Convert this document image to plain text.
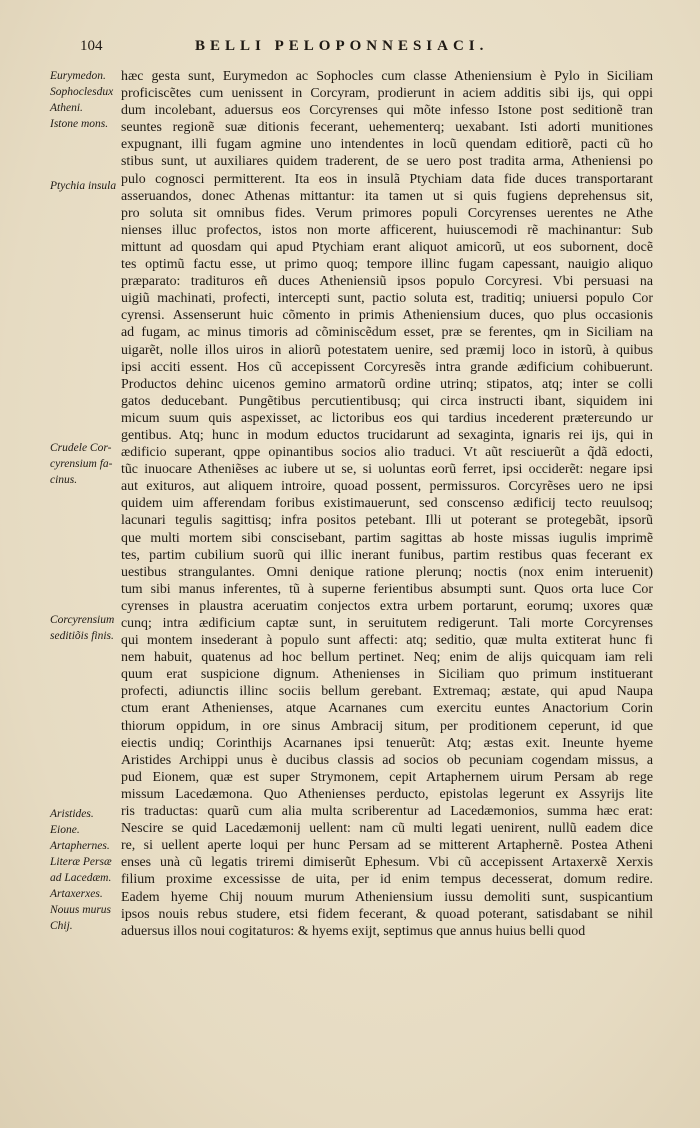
104	BELLI PELOPONNESIACI.
Eurymedon.
Sophoclesdux
Atheni.
Istone mons.
Ptychia insula
Crudele Cor-
cyrensium fa-
cinus.
Corcyrensium
seditiõis finis.
Aristides.
Eione.
Artaphernes.
Literæ Persæ
ad Lacedæm.
Artaxerxes.
Nouus murus
Chij.
hæc gesta sunt, Eurymedon ac Sophocles cum classe Atheniensium è Pylo in Siciliam
proficiscẽtes cum uenissent in Corcyram, prodierunt in aciem additis sibi ijs, qui oppi
dum incolebant, aduersus eos Corcyrenses qui mõte infesso Istone post seditionẽ tran
seuntes regionẽ suæ ditionis fecerant, uehementerq; uexabant. Isti adorti munitiones
expugnant, illi fugam agmine uno intendentes in locũ quendam editiorẽ, pacti cũ ho
stibus sunt, ut auxiliares quidem traderent, de se uero post tradita arma, Atheniensi po
pulo cognosci permitterent. Ita eos in insulã Ptychiam data fide duces transportarant
asseruandos, donec Athenas mittantur: ita tamen ut si quis fugiens deprehensus sit,
pro soluta sit omnibus fides. Verum primores populi Corcyrenses uerentes ne Athe
nienses illuc profectos, istos non morte afficerent, huiuscemodi rẽ machinantur: Sub
mittunt ad quosdam qui apud Ptychiam erant aliquot amicorũ, ut eos subornent, docẽ
tes optimũ factu esse, ut primo quoq; tempore illinc fugam capessant, nauigio aliquo
præparato: tradituros eñ duces Atheniensiũ ipsos populo Corcyresi. Vbi persuasi na
uigiũ machinati, profecti, intercepti sunt, pactio soluta est, traditiq; uniuersi populo Cor
cyrensi. Assenserunt huic cõmento in primis Atheniensium duces, quo plus occasionis
ad fugam, ac minus timoris ad cõminiscẽdum esset, præ se ferentes, qm in Siciliam na
uigarẽt, nolle illos uiros in aliorũ potestatem uenire, sed præmij loco in istorũ, à quibus
ipsi acciti essent. Hos cũ accepissent Corcyresẽs intra grande ædificium cohibuerunt.
Productos dehinc uicenos gemino armatorũ ordine utrinq; stipatos, atq; inter se colli
gatos deducebant. Pungẽtibus percutientibusq; qui circa instructi ibant, siquidem ini
micum suum quis aspexisset, ac lictoribus eos qui tardius incederent præterεundo ur
gentibus. Atq; hunc in modum eductos trucidarunt ad sexaginta, ignaris rei ijs, qui in
ædificio superant, qppe opinantibus socios alio traduci. Vt aũt resciuerũt a q̃dã edocti,
tũc inuocare Atheniẽses ac iubere ut se, si uoluntas eorũ ferret, ipsi occiderẽt: negare ipsi
aut exituros, aut aliquem introire, quoad possent, permissuros. Corcyrẽses uero ne ipsi
quidem uim afferendam foribus existimauerunt, sed conscenso ædificij tecto reuulsoq;
lacunari tegulis sagittisq; infra positos petebant. Illi ut poterant se protegebãt, ipsorũ
que multi mortem sibi conscisebant, partim sagittas ab hoste missas iugulis imprimẽ
tes, partim cubilium suorũ qui illic inerant funibus, partim restibus quas fecerant ex
uestibus strangulantes. Omni denique ratione plerunq; noctis (nox enim interuenit)
tum sibi manus inferentes, tũ à superne ferientibus absumpti sunt. Quos orta luce Cor
cyrenses in plaustra aceruatim conjectos extra urbem portarunt, eorumq; uxores quæ
cunq; intra ædificium captæ sunt, in seruitutem redigerunt. Tali morte Corcyrenses
qui montem insederant à populo sunt affecti: atq; seditio, quæ multa extiterat hunc fi
nem habuit, quatenus ad hoc bellum pertinet. Neq; enim de alijs quicquam iam reli
quum erat suspicione dignum. Athenienses in Siciliam quo primum instituerant
profecti, adiunctis illinc sociis bellum gerebant. Extremaq; æstate, qui apud Naupa
ctum erant Athenienses, atque Acarnanes cum exercitu euntes Anactorium Corin
thiorum oppidum, in ore sinus Ambracij situm, per proditionem ceperunt, id que
eiectis undiq; Corinthijs Acarnanes ipsi tenuerũt: Atq; æstas exit. Ineunte hyeme
Aristides Archippi unus è ducibus classis ad socios ob pecuniam cogendam missus, a
pud Eionem, quæ est super Strymonem, cepit Artaphernem uirum Persam ab rege
missum Lacedæmona. Quo Athenienses perducto, epistolas legerunt ex Assyrijs lite
ris traductas: quarũ cum alia multa scriberentur ad Lacedæmonios, summa hæc erat:
Nescire se quid Lacedæmonij uellent: nam cũ multi legati uenirent, nullũ eadem dice
re, si uellent aperte loqui per hunc Persam ad se mitterent Artaphernẽ. Postea Atheni
enses unà cũ legatis triremi dimiserũt Ephesum. Vbi cũ accepissent Artaxerxẽ Xerxis
filium proxime excessisse de uita, per id enim tempus decesserat, domum redire.
Eadem hyeme Chij nouum murum Atheniensium iussu demoliti sunt, suspicantium
ipsos nouis rebus studere, etsi fidem fecerant, & quoad poterant, satisdabant se nihil
aduersus illos noui cogitaturos: & hyems exijt, septimus que annus huius belli quod
